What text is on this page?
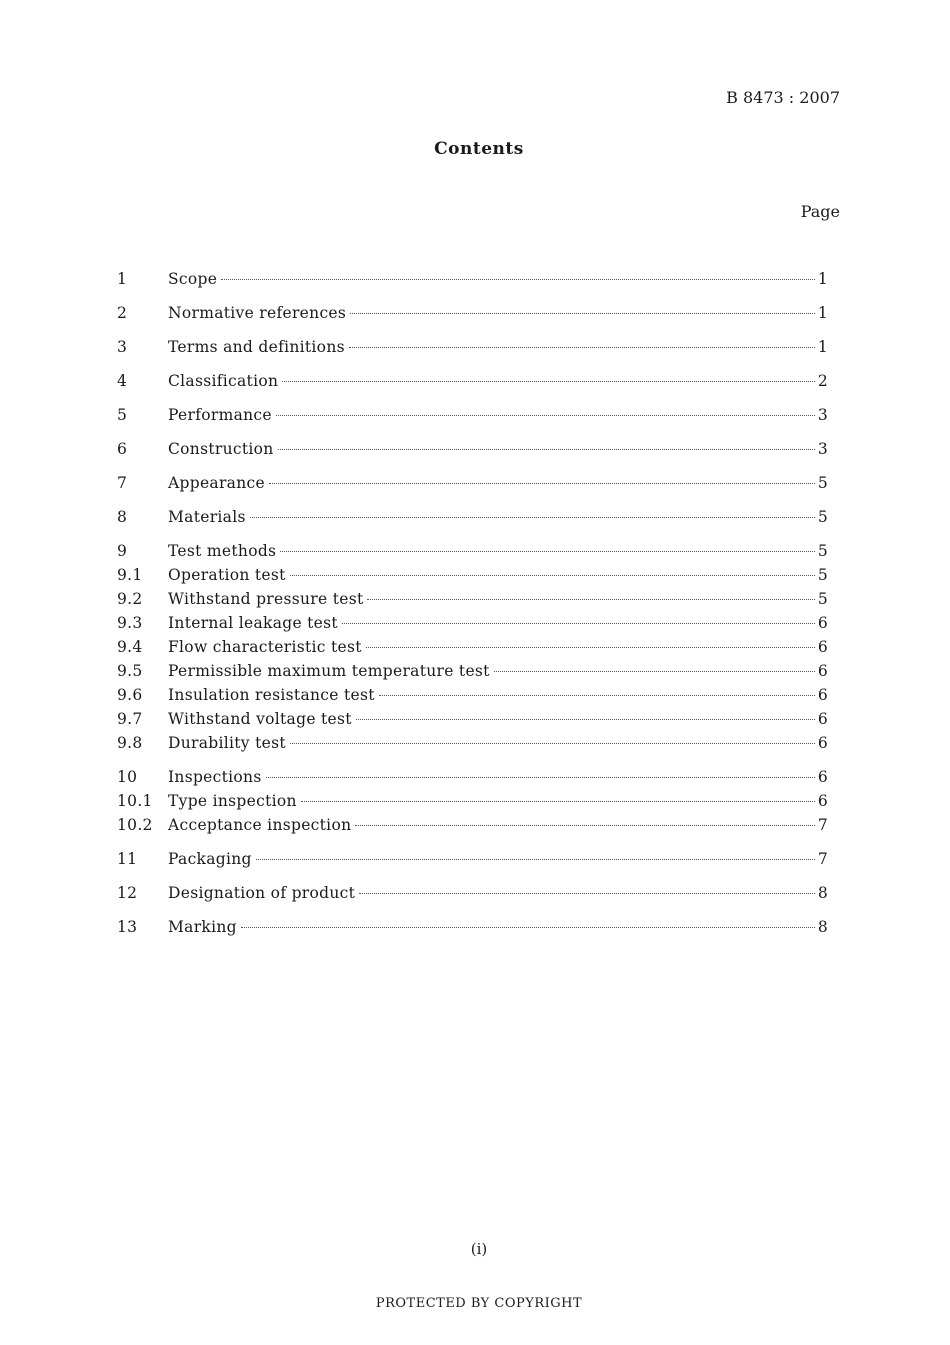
B 8473 : 2007
Contents
Page
1	Scope	1
2	Normative references	1
3	Terms and definitions	1
4	Classification	2
5	Performance	3
6	Construction	3
7	Appearance	5
8	Materials	5
9	Test methods	5
9.1	Operation test	5
9.2	Withstand pressure test	5
9.3	Internal leakage test	6
9.4	Flow characteristic test	6
9.5	Permissible maximum temperature test	6
9.6	Insulation resistance test	6
9.7	Withstand voltage test	6
9.8	Durability test	6
10	Inspections	6
10.1 Type inspection	6
10.2 Acceptance inspection	7
11	Packaging	7
12	Designation of product	8
13	Marking	8
(i)
PROTECTED BY COPYRIGHT
